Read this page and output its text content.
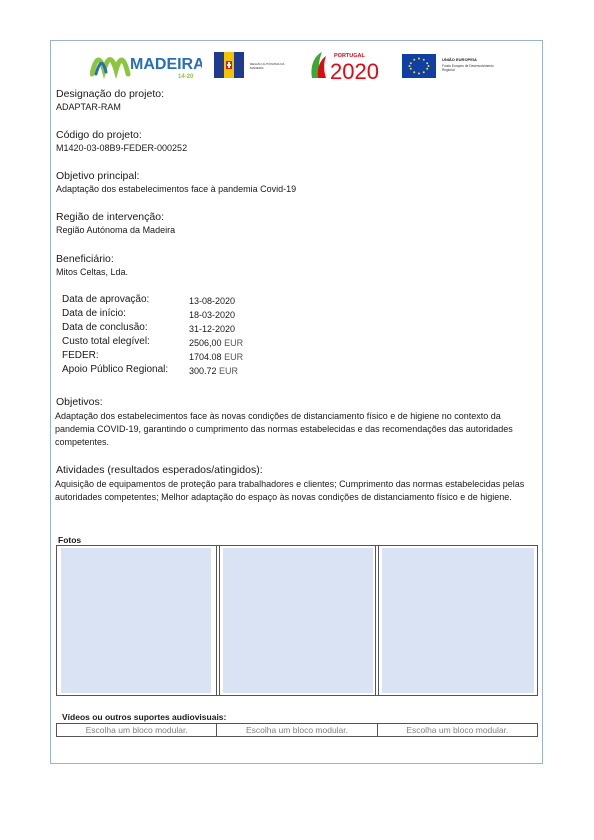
MADEIRA
14-20
REGIÃO AUTÓNOMA DA MADEIRA
PORTUGAL
2020	UNIÃO EUROPEIA
Fundo Europeu de Desenvolvimento Regional
Designação do projeto:
ADAPTAR-RAM
Código do projeto:
M1420-03-08B9-FEDER-000252
Objetivo principal:
Adaptação dos estabelecimentos face à pandemia Covid-19
Região de intervenção:
Região Autónoma da Madeira
Beneficiário:
Mitos Celtas, Lda.
Data de aprovação:	13-08-2020
Data de início:	18-03-2020
Data de conclusão:	31-12-2020
Custo total elegível:	2506,00 EUR
FEDER:	1704.08 EUR
Apoio Público Regional: 300.72 EUR
Objetivos:
Adaptação dos estabelecimentos face às novas condições de distanciamento físico e de higiene no contexto da pandemia COVID-19, garantindo o cumprimento das normas estabelecidas e das recomendações das autoridades competentes.
Atividades (resultados esperados/atingidos):
Aquisição de equipamentos de proteção para trabalhadores e clientes; Cumprimento das normas estabelecidas pelas autoridades competentes; Melhor adaptação do espaço às novas condições de distanciamento físico e de higiene.
Fotos
Vídeos ou outros suportes audiovisuais:
Escolha um bloco modular.	Escolha um bloco modular.	Escolha um bloco modular.
